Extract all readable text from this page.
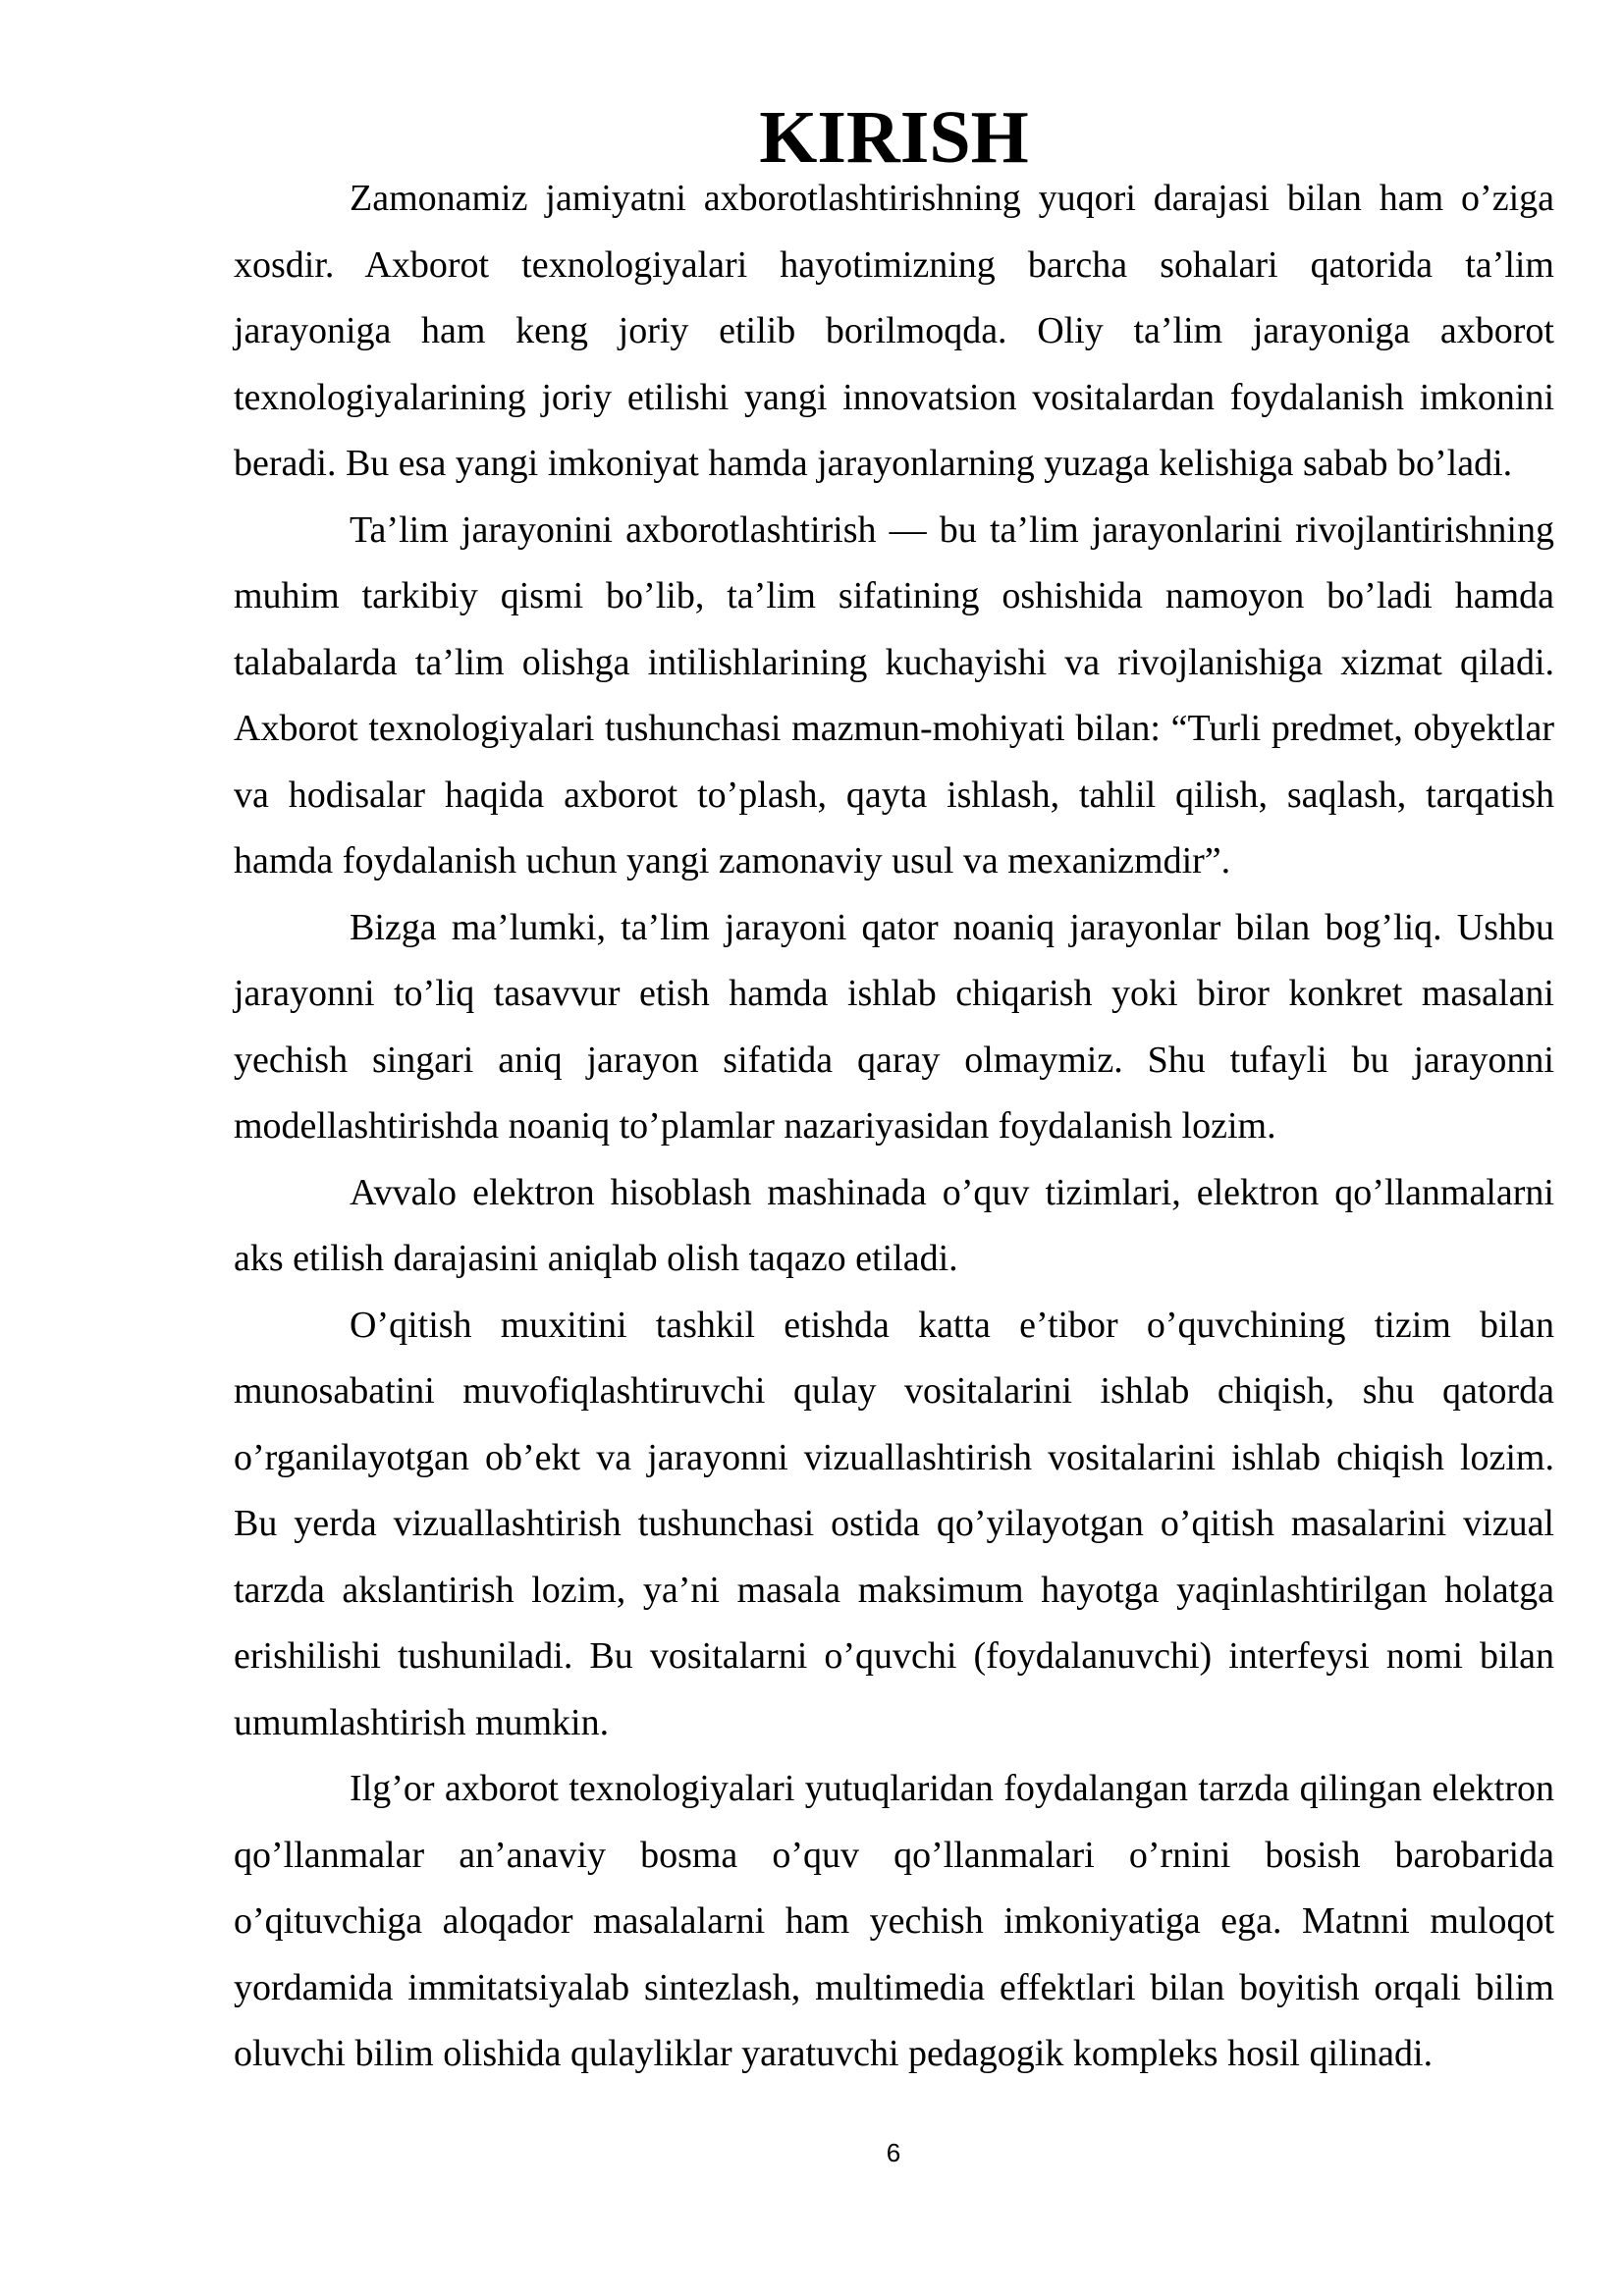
KIRISH

Zamonamiz jamiyatni axborotlashtirishning yuqori darajasi bilan ham o’ziga xosdir. Axborot texnologiyalari hayotimizning barcha sohalari qatorida ta’lim jarayoniga ham keng joriy etilib borilmoqda. Oliy ta’lim jarayoniga axborot texnologiyalarining joriy etilishi yangi innovatsion vositalardan foydalanish imkonini beradi. Bu esa yangi imkoniyat hamda jarayonlarning yuzaga kelishiga sabab bo’ladi.

Ta’lim jarayonini axborotlashtirish — bu ta’lim jarayonlarini rivojlantirishning muhim tarkibiy qismi bo’lib, ta’lim sifatining oshishida namoyon bo’ladi hamda talabalarda ta’lim olishga intilishlarining kuchayishi va rivojlanishiga xizmat qiladi. Axborot texnologiyalari tushunchasi mazmun-mohiyati bilan: “Turli predmet, obyektlar va hodisalar haqida axborot to’plash, qayta ishlash, tahlil qilish, saqlash, tarqatish hamda foydalanish uchun yangi zamonaviy usul va mexanizmdir”.

Bizga ma’lumki, ta’lim jarayoni qator noaniq jarayonlar bilan bog’liq. Ushbu jarayonni to’liq tasavvur etish hamda ishlab chiqarish yoki biror konkret masalani yechish singari aniq jarayon sifatida qaray olmaymiz. Shu tufayli bu jarayonni modellashtirishda noaniq to’plamlar nazariyasidan foydalanish lozim.

Avvalo elektron hisoblash mashinada o’quv tizimlari, elektron qo’llanmalarni aks etilish darajasini aniqlab olish taqazo etiladi.

O’qitish muxitini tashkil etishda katta e’tibor o’quvchining tizim bilan munosabatini muvofiqlashtiruvchi qulay vositalarini ishlab chiqish, shu qatorda o’rganilayotgan ob’ekt va jarayonni vizuallashtirish vositalarini ishlab chiqish lozim. Bu yerda vizuallashtirish tushunchasi ostida qo’yilayotgan o’qitish masalarini vizual tarzda akslantirish lozim, ya’ni masala maksimum hayotga yaqinlashtirilgan holatga erishilishi tushuniladi. Bu vositalarni o’quvchi (foydalanuvchi) interfeysi nomi bilan umumlashtirish mumkin.

Ilg’or axborot texnologiyalari yutuqlaridan foydalangan tarzda qilingan elektron qo’llanmalar an’anaviy bosma o’quv qo’llanmalari o’rnini bosish barobarida o’qituvchiga aloqador masalalarni ham yechish imkoniyatiga ega. Matnni muloqot yordamida immitatsiyalab sintezlash, multimedia effektlari bilan boyitish orqali bilim oluvchi bilim olishida qulayliklar yaratuvchi pedagogik kompleks hosil qilinadi.

6
